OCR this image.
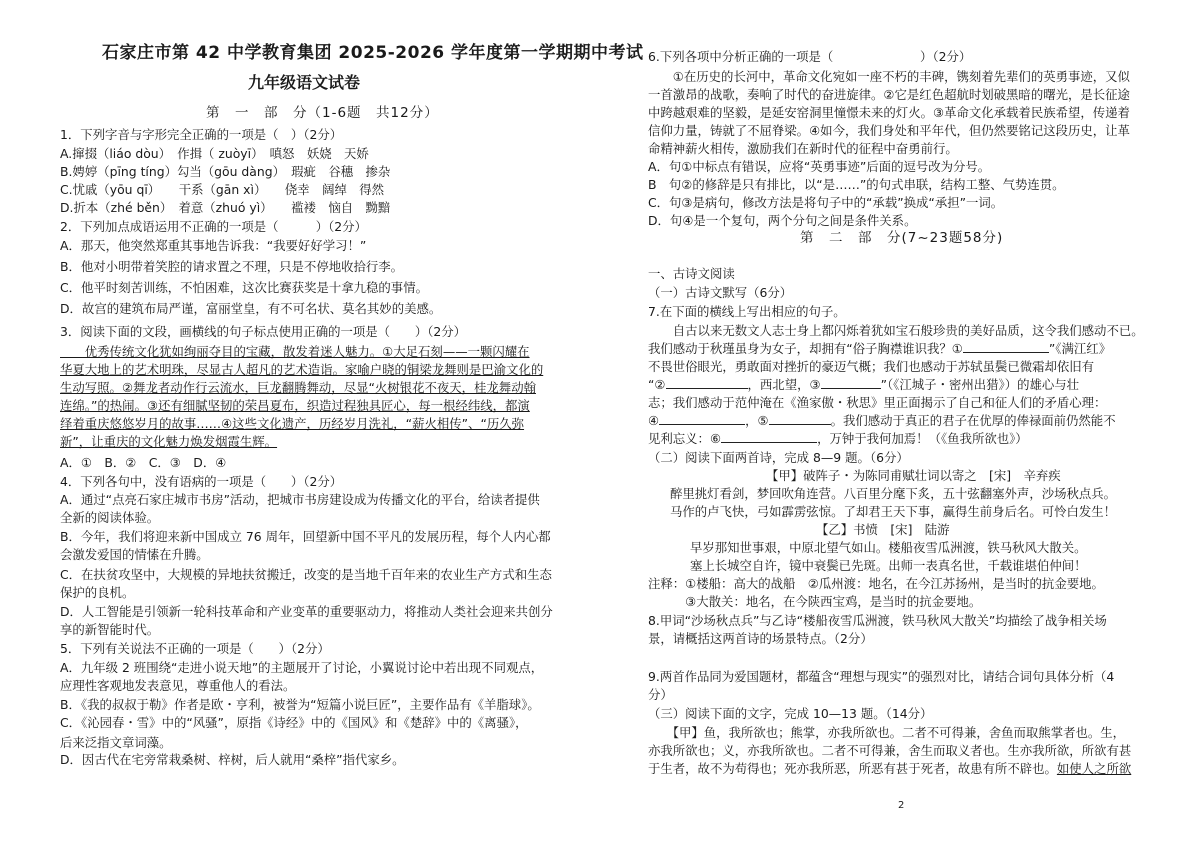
石家庄市第 42 中学教育集团 2025-2026 学年度第一学期期中考试
九年级语文试卷
第　一　部　分（1-6题　共12分）
1．下列字音与字形完全正确的一项是（　）（2分）
A.撺掇（liáo dòu）　作揖（ zuòyī）　嗔怒　妖娆　天娇
B.娉婷（pīng tíng）勾当（gōu dàng）　瑕疵　谷穗　掺杂
C.忧戚（yōu qī）　　干系（gān xì）　　侥幸　阔绰　得然
D.折本（zhé běn）　着意（zhuó yì）　　褴褛　恼自　黝黯
2．下列加点成语运用不正确的一项是（　　　）（2分）
A．那天，他突然郑重其事地告诉我：“我要好好学习！”
B．他对小明带着笑腔的请求置之不理，只是不停地收拾行李。
C．他平时刻苦训练，不怕困难，这次比赛获奖是十拿九稳的事情。
D．故宫的建筑布局严谨，富丽堂皇，有不可名状、莫名其妙的美感。
3．阅读下面的文段，画横线的句子标点使用正确的一项是（　　）（2分）
　　优秀传统文化犹如绚丽夺目的宝藏，散发着迷人魅力。①大足石刻——一颗闪耀在
华夏大地上的艺术明珠，尽显古人超凡的艺术造诣。家喻户晓的铜梁龙舞则是巴渝文化的
生动写照。②舞龙者动作行云流水，巨龙翻腾舞动，尽显“火树银花不夜天，桂龙舞动翰
连绵。”的热闹。③还有细腻坚韧的荣昌夏布，织造过程独具匠心，每一根经纬线，都演
绎着重庆悠悠岁月的故事……④这些文化遗产，历经岁月洗礼，“薪火相传”、“历久弥
新”，让重庆的文化魅力焕发烟霞生辉。
A．①　B．②　C．③　D．④
4．下列各句中，没有语病的一项是（　　）（2分）
A．通过“点亮石家庄城市书房”活动，把城市书房建设成为传播文化的平台，给读者提供
全新的阅读体验。
B．今年，我们将迎来新中国成立 76 周年，回望新中国不平凡的发展历程，每个人内心都
会激发爱国的情愫在升腾。
C．在扶贫攻坚中，大规模的异地扶贫搬迁，改变的是当地千百年来的农业生产方式和生态
保护的良机。
D．人工智能是引领新一轮科技革命和产业变革的重要驱动力，将推动人类社会迎来共创分
享的新智能时代。
5．下列有关说法不正确的一项是（　　）（2分）
A．九年级 2 班围绕“走进小说天地”的主题展开了讨论，小翼说讨论中若出现不同观点，
应理性客观地发表意见，尊重他人的看法。
B．《我的叔叔于勒》作者是欧・亨利，被誉为“短篇小说巨匠”，主要作品有《羊脂球》。
C．《沁园春・雪》中的“风骚”，原指《诗经》中的《国风》和《楚辞》中的《离骚》，
后来泛指文章词藻。
D．因古代在宅旁常栽桑树、梓树，后人就用“桑梓”指代家乡。
6.下列各项中分析正确的一项是（　　　　　　　）（2分）
　　①在历史的长河中，革命文化宛如一座不朽的丰碑，镌刻着先辈们的英勇事迹，又似
一首激昂的战歌，奏响了时代的奋进旋律。②它是红色超航时划破黑暗的曙光，是长征途
中跨越艰难的坚毅，是延安窑洞里憧憬未来的灯火。③革命文化承载着民族希望，传递着
信仰力量，铸就了不屈脊梁。④如今，我们身处和平年代，但仍然要铭记这段历史，让革
命精神薪火相传，激励我们在新时代的征程中奋勇前行。
A．句①中标点有错误，应将“英勇事迹”后面的逗号改为分号。
B　句②的修辞是只有排比，以“是……”的句式串联，结构工整、气势连贯。
C．句③是病句，修改方法是将句子中的“承载”换成“承担”一词。
D．句④是一个复句，两个分句之间是条件关系。
第　二　部　分(7~23题58分)
一、古诗文阅读
（一）古诗文默写（6分）
7.在下面的横线上写出相应的句子。
　　自古以来无数文人志士身上都闪烁着犹如宝石般珍贵的美好品质，这令我们感动不已。
我们感动于秋瑾虽身为女子，却拥有“俗子胸襟谁识我？①	”《满江红》
不畏世俗眼光，勇敢面对挫折的豪迈气概；我们也感动于苏轼虽鬓已微霜却依旧有
“②	，西北望，③	”（《江城子・密州出猎》）的雄心与壮
志；我们感动于范仲淹在《渔家傲・秋思》里正面揭示了自己和征人们的矛盾心理：
④	，⑤	。我们感动于真正的君子在优厚的俸禄面前仍然能不
见利忘义：⑥	，万钟于我何加焉！（《鱼我所欲也》）
（二）阅读下面两首诗，完成 8—9 题。（6分）
【甲】破阵子・为陈同甫赋壮词以寄之　[宋]　辛弃疾
醉里挑灯看剑，梦回吹角连营。八百里分麾下炙，五十弦翻塞外声，沙场秋点兵。
马作的卢飞快，弓如霹雳弦惊。了却君王天下事，赢得生前身后名。可怜白发生！
【乙】书愤　[宋]　陆游
早岁那知世事艰，中原北望气如山。楼船夜雪瓜洲渡，铁马秋风大散关。
塞上长城空自许，镜中衰鬓已先斑。出师一表真名世，千载谁堪伯仲间！
注释：①楼船：高大的战船　②瓜州渡：地名，在今江苏扬州，是当时的抗金要地。
　　　③大散关：地名，在今陕西宝鸡，是当时的抗金要地。
8.甲词“沙场秋点兵”与乙诗“楼船夜雪瓜洲渡，铁马秋风大散关”均描绘了战争相关场
景，请概括这两首诗的场景特点。（2分）
9.两首作品同为爱国题材，都蕴含“理想与现实”的强烈对比，请结合词句具体分析（4
分）
（三）阅读下面的文字，完成 10—13 题。（14分）
　　【甲】鱼，我所欲也；熊掌，亦我所欲也。二者不可得兼，舍鱼而取熊掌者也。生，
亦我所欲也；义，亦我所欲也。二者不可得兼，舍生而取义者也。生亦我所欲，所欲有甚
于生者，故不为苟得也；死亦我所恶，所恶有甚于死者，故患有所不辟也。如使人之所欲
2
